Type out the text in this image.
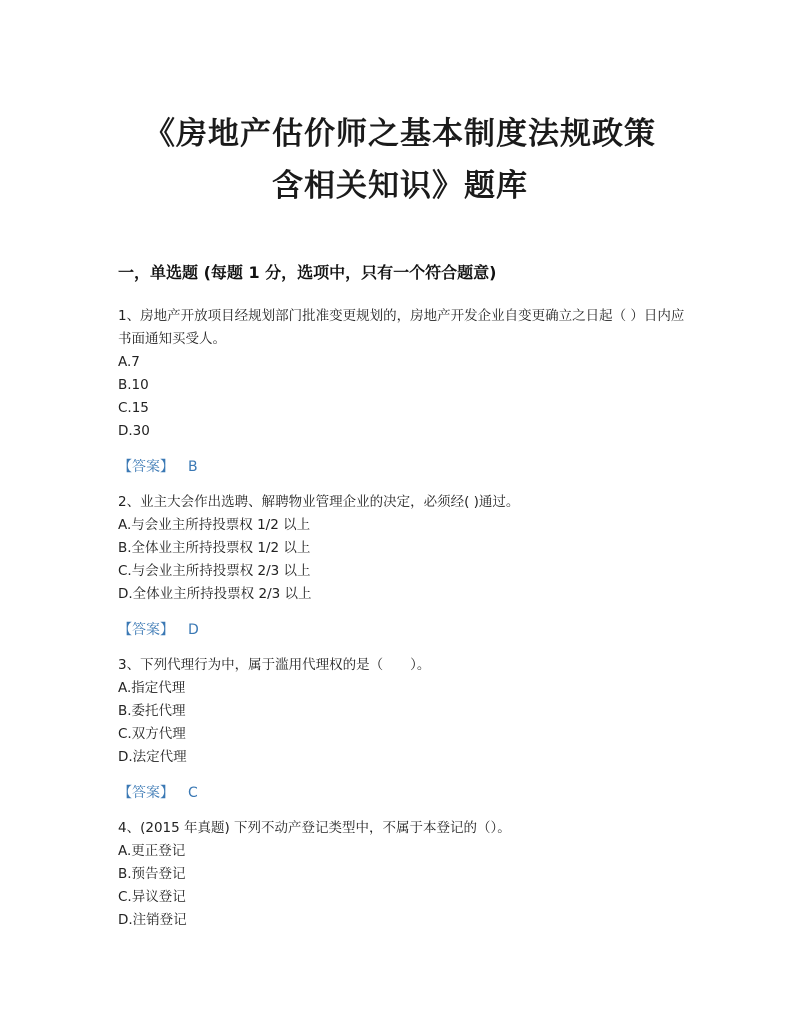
《房地产估价师之基本制度法规政策
含相关知识》题库
一，单选题 (每题 1 分，选项中，只有一个符合题意)

1、房地产开放项目经规划部门批准变更规划的，房地产开发企业自变更确立之日起（ ）日内应书面通知买受人。

A.7

B.10

C.15

D.30

【答案】 B

2、业主大会作出选聘、解聘物业管理企业的决定，必须经( )通过。

A.与会业主所持投票权 1/2 以上

B.全体业主所持投票权 1/2 以上

C.与会业主所持投票权 2/3 以上

D.全体业主所持投票权 2/3 以上

【答案】 D

3、下列代理行为中，属于滥用代理权的是（　　）。

A.指定代理

B.委托代理

C.双方代理

D.法定代理

【答案】 C

4、(2015 年真题) 下列不动产登记类型中，不属于本登记的（）。

A.更正登记

B.预告登记

C.异议登记

D.注销登记
